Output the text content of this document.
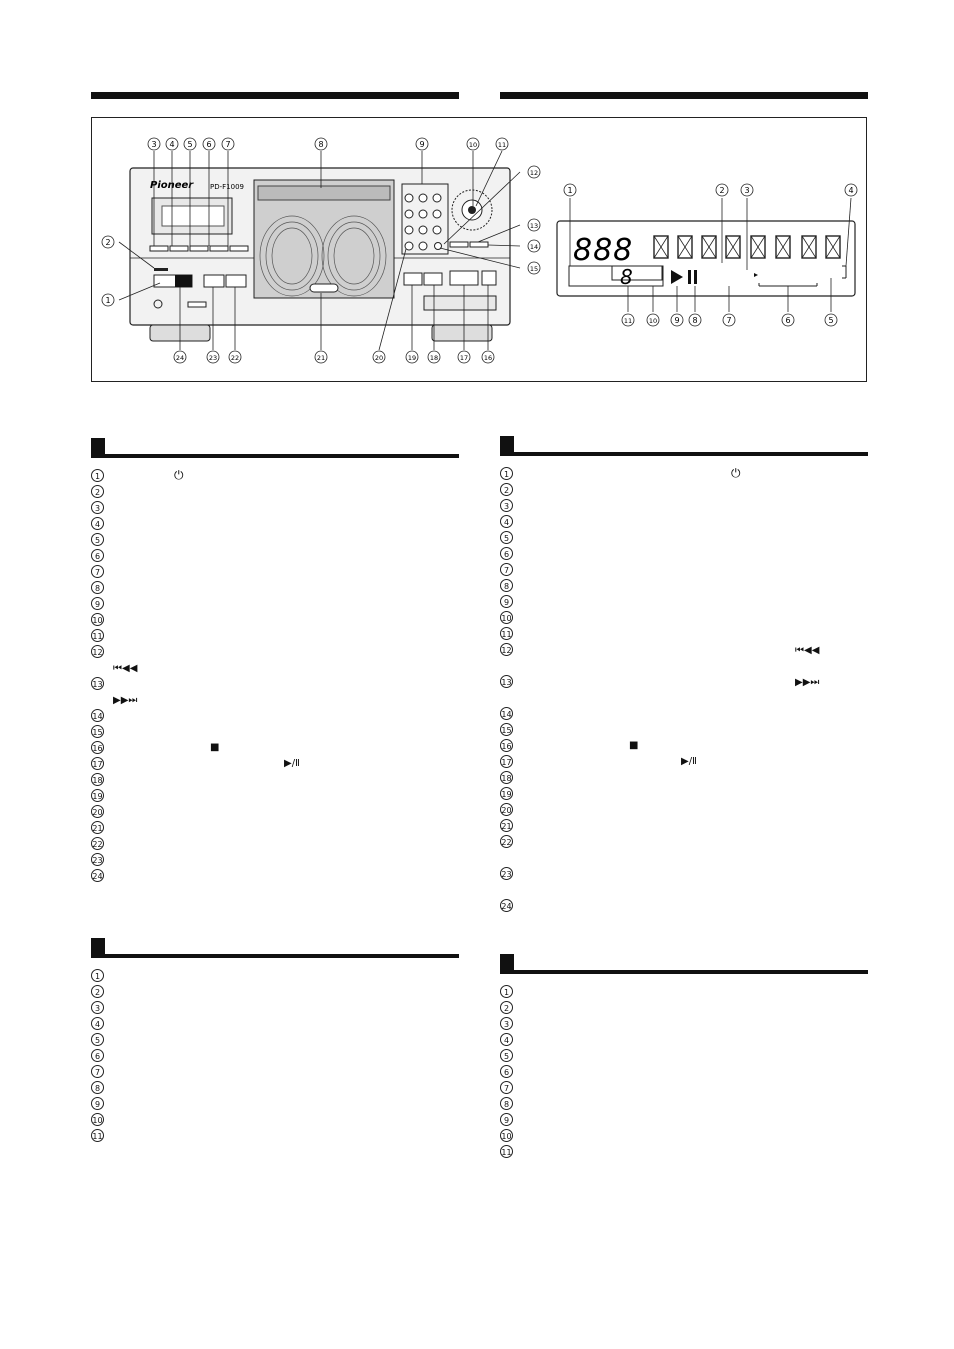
Pioneer PD-F1009
888
8
3 4 5 6 7	8	9	10	11
12
13
14
15
2
1
24	23 22	21	20	19 18	17 16
1	2 3	4
11	10 9 8	7	6	5
1
2
3
4
5
6
7
8
9
10
11
12
13
14
15
16
17
18
19
20
21
22
23
24
1
2
3
4
5
6
7
8
9
10
11
12
13
14
15
16
17
18
19
20
21
22
23
24
1
2
3
4
5
6
7
8
9
10
11
1
2
3
4
5
6
7
8
9
10
11
⏻
⏮◀◀
▶▶⏭
■
▶/Ⅱ
⏻
⏮◀◀
▶▶⏭
■
▶/Ⅱ
